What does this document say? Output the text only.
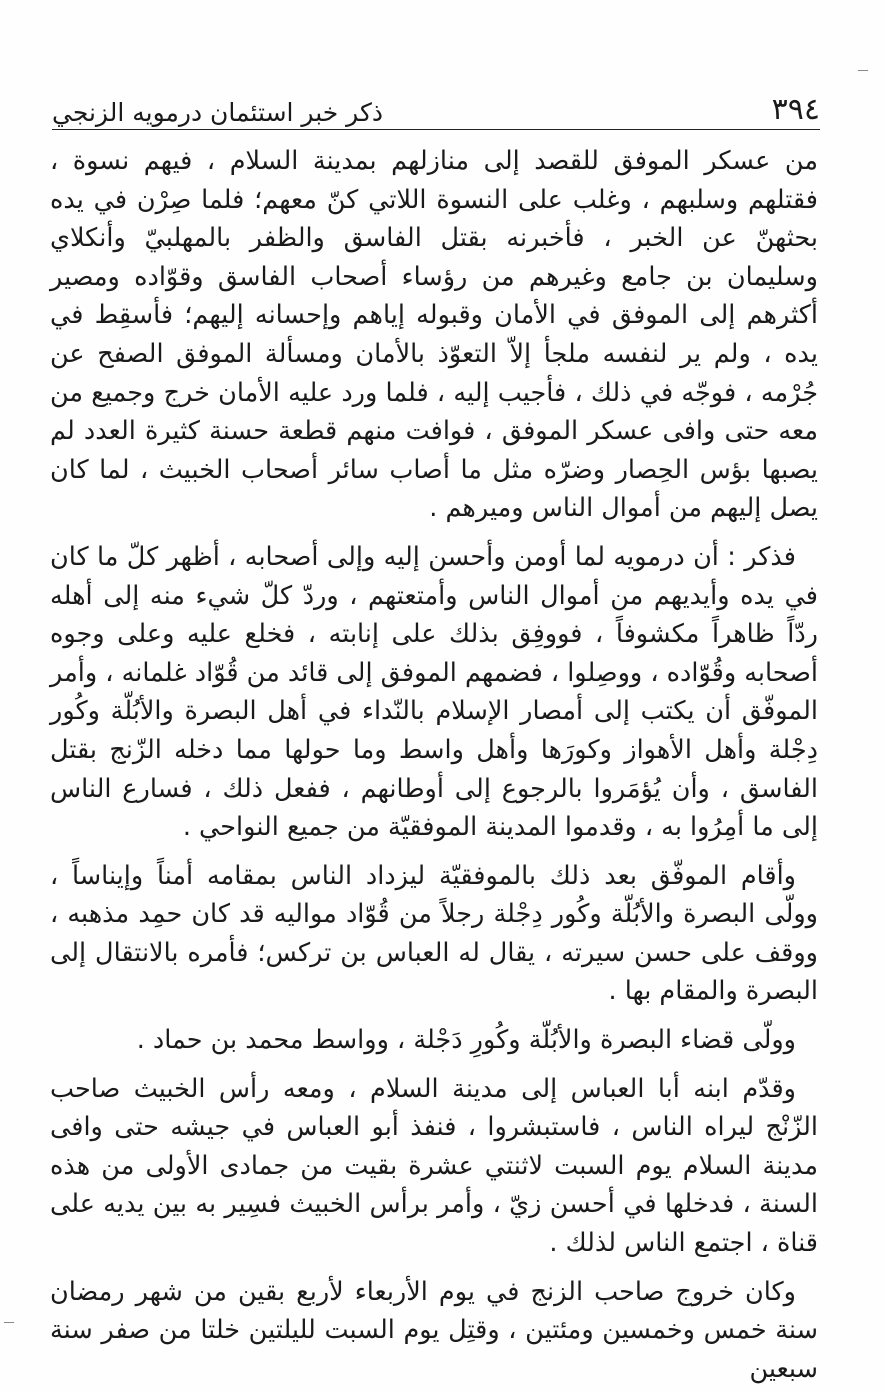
٣٩٤
ذكر خبر استئمان درمويه الزنجي

من عسكر الموفق للقصد إلى منازلهم بمدينة السلام ، فيهم نسوة ، فقتلهم وسلبهم ، وغلب على النسوة اللاتي كنّ معهم؛ فلما صِرْن في يده بحثهنّ عن الخبر ، فأخبرنه بقتل الفاسق والظفر بالمهلبيّ وأنكلاي وسليمان بن جامع وغيرهم من رؤساء أصحاب الفاسق وقوّاده ومصير أكثرهم إلى الموفق في الأمان وقبوله إياهم وإحسانه إليهم؛ فأسقِط في يده ، ولم ير لنفسه ملجأ إلاّ التعوّذ بالأمان ومسألة الموفق الصفح عن جُرْمه ، فوجّه في ذلك ، فأجيب إليه ، فلما ورد عليه الأمان خرج وجميع من معه حتى وافى عسكر الموفق ، فوافت منهم قطعة حسنة كثيرة العدد لم يصبها بؤس الحِصار وضرّه مثل ما أصاب سائر أصحاب الخبيث ، لما كان يصل إليهم من أموال الناس وميرهم .

فذكر : أن درمويه لما أومن وأحسن إليه وإلى أصحابه ، أظهر كلّ ما كان في يده وأيديهم من أموال الناس وأمتعتهم ، وردّ كلّ شيء منه إلى أهله ردّاً ظاهراً مكشوفاً ، فووفِق بذلك على إنابته ، فخلع عليه وعلى وجوه أصحابه وقُوّاده ، ووصِلوا ، فضمهم الموفق إلى قائد من قُوّاد غلمانه ، وأمر الموفّق أن يكتب إلى أمصار الإسلام بالنّداء في أهل البصرة والأبُلّة وكُور دِجْلة وأهل الأهواز وكورَها وأهل واسط وما حولها مما دخله الزّنج بقتل الفاسق ، وأن يُؤمَروا بالرجوع إلى أوطانهم ، ففعل ذلك ، فسارع الناس إلى ما أمِرُوا به ، وقدموا المدينة الموفقيّة من جميع النواحي .

وأقام الموفّق بعد ذلك بالموفقيّة ليزداد الناس بمقامه أمناً وإيناساً ، وولّى البصرة والأبُلّة وكُور دِجْلة رجلاً من قُوّاد مواليه قد كان حمِد مذهبه ، ووقف على حسن سيرته ، يقال له العباس بن تركس؛ فأمره بالانتقال إلى البصرة والمقام بها .

وولّى قضاء البصرة والأبُلّة وكُورِ دَجْلة ، وواسط محمد بن حماد .

وقدّم ابنه أبا العباس إلى مدينة السلام ، ومعه رأس الخبيث صاحب الزّنْج ليراه الناس ، فاستبشروا ، فنفذ أبو العباس في جيشه حتى وافى مدينة السلام يوم السبت لاثنتي عشرة بقيت من جمادى الأولى من هذه السنة ، فدخلها في أحسن زيّ ، وأمر برأس الخبيث فسِير به بين يديه على قناة ، اجتمع الناس لذلك .

وكان خروج صاحب الزنج في يوم الأربعاء لأربع بقين من شهر رمضان سنة خمس وخمسين ومئتين ، وقتِل يوم السبت لليلتين خلتا من صفر سنة سبعين
